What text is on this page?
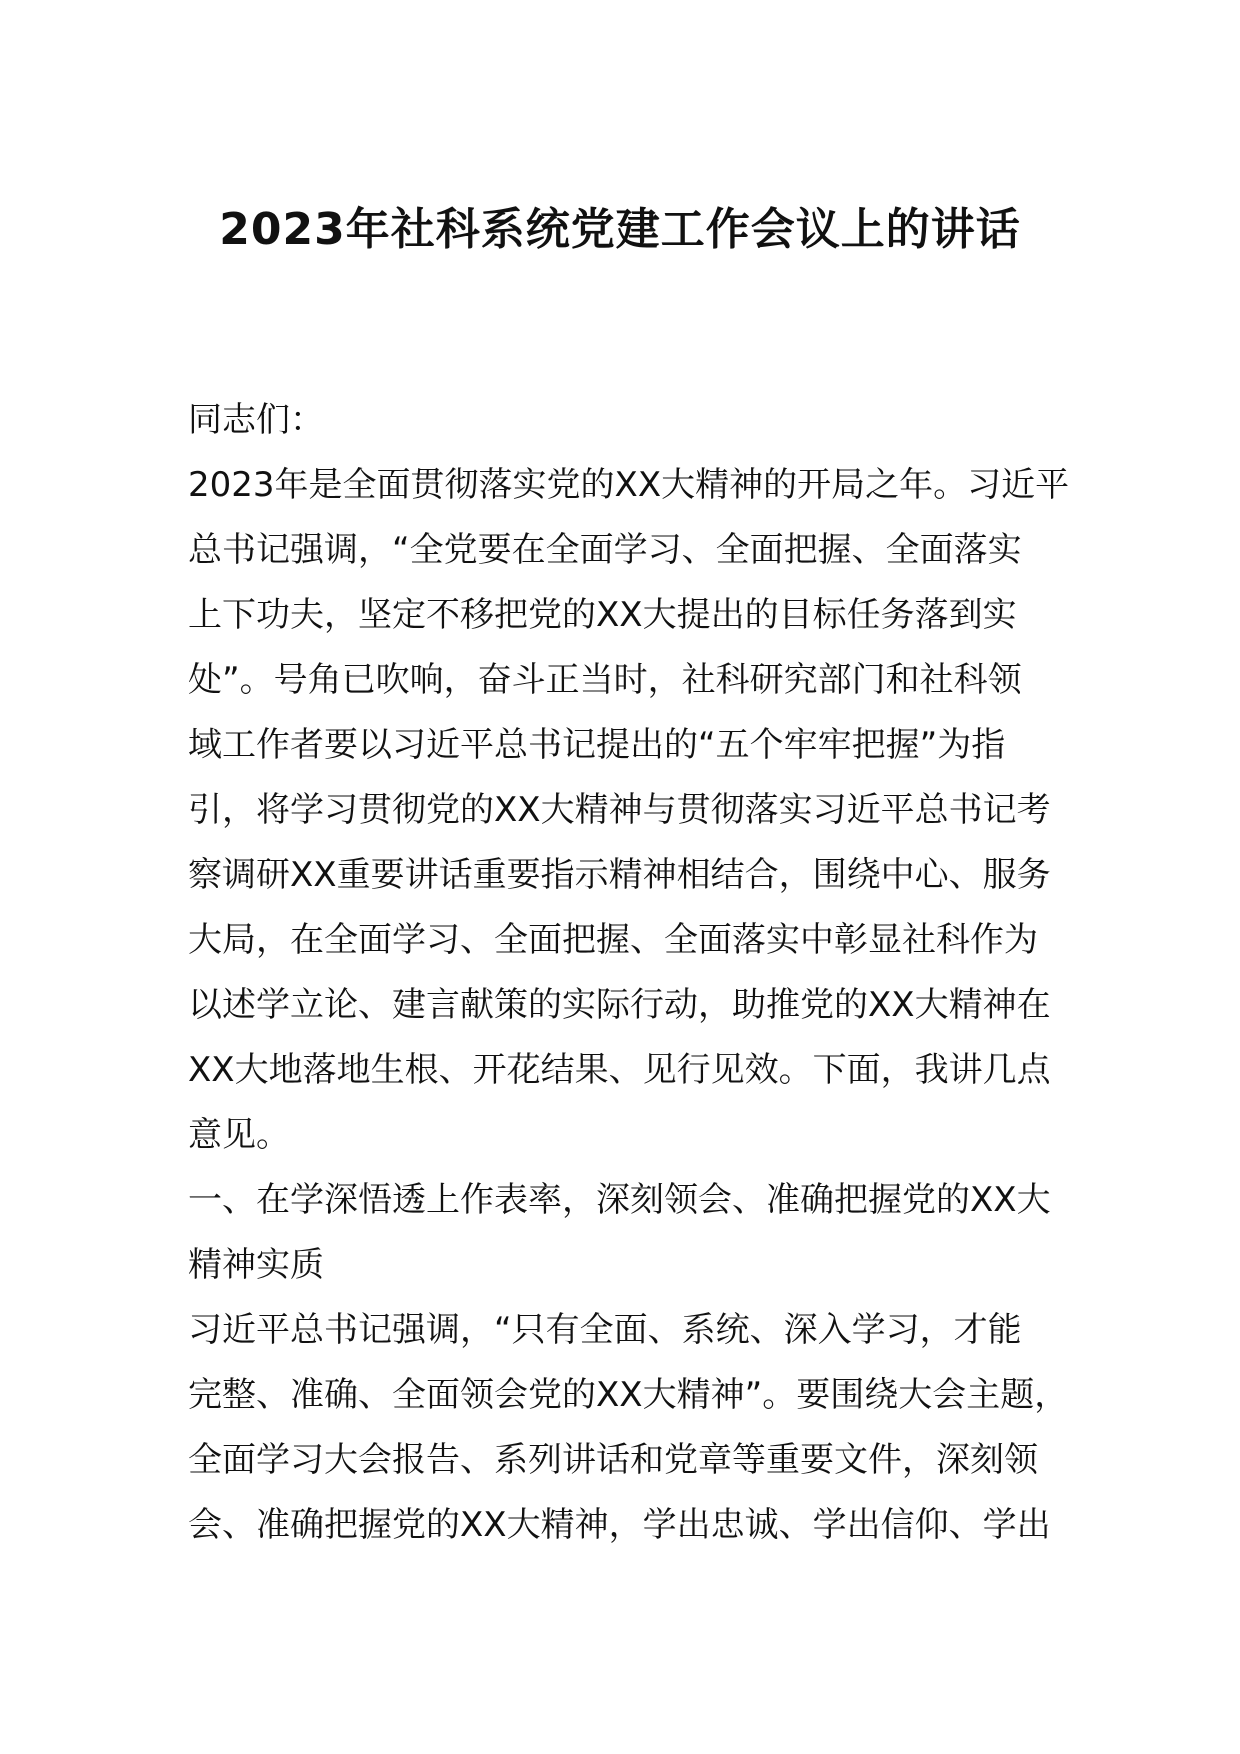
2023年社科系统党建工作会议上的讲话
同志们：
2023年是全面贯彻落实党的XX大精神的开局之年。习近平
总书记强调，“全党要在全面学习、全面把握、全面落实
上下功夫，坚定不移把党的XX大提出的目标任务落到实
处”。号角已吹响，奋斗正当时，社科研究部门和社科领
域工作者要以习近平总书记提出的“五个牢牢把握”为指
引，将学习贯彻党的XX大精神与贯彻落实习近平总书记考
察调研XX重要讲话重要指示精神相结合，围绕中心、服务
大局，在全面学习、全面把握、全面落实中彰显社科作为
以述学立论、建言献策的实际行动，助推党的XX大精神在
XX大地落地生根、开花结果、见行见效。下面，我讲几点
意见。
一、在学深悟透上作表率，深刻领会、准确把握党的XX大
精神实质
习近平总书记强调，“只有全面、系统、深入学习，才能
完整、准确、全面领会党的XX大精神”。要围绕大会主题，
全面学习大会报告、系列讲话和党章等重要文件，深刻领
会、准确把握党的XX大精神，学出忠诚、学出信仰、学出
